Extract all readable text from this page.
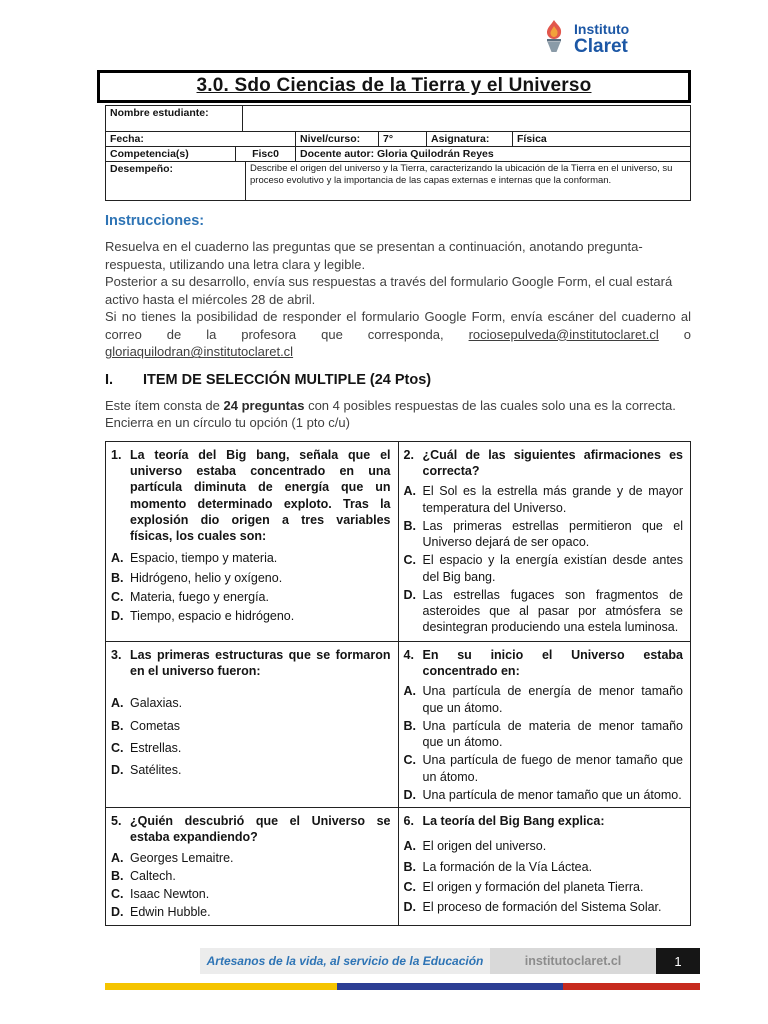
Instituto
Claret
3.0. Sdo Ciencias de la Tierra y el Universo
Nombre estudiante:
Fecha:	Nivel/curso:	7°	Asignatura:	Física
Competencia(s)	Fisc0	Docente autor: Gloria Quilodrán Reyes
Desempeño:	Describe el origen del universo y la Tierra, caracterizando la ubicación de la Tierra en el universo, su proceso evolutivo y la importancia de las capas externas e internas que la conforman.
Instrucciones:

Resuelva en el cuaderno las preguntas que se presentan a continuación, anotando pregunta- respuesta, utilizando una letra clara y legible.

Posterior a su desarrollo, envía sus respuestas a través del formulario Google Form, el cual estará activo hasta el miércoles 28 de abril.

Si no tienes la posibilidad de responder el formulario Google Form, envía escáner del cuaderno al correo de la profesora que corresponda, rociosepulveda@institutoclaret.cl o gloriaquilodran@institutoclaret.cl

I. ITEM DE SELECCIÓN MULTIPLE (24 Ptos)

Este ítem consta de 24 preguntas con 4 posibles respuestas de las cuales solo una es la correcta. Encierra en un círculo tu opción (1 pto c/u)

1. La teoría del Big bang, señala que el universo estaba concentrado en una partícula diminuta de energía que un momento determinado exploto. Tras la explosión dio origen a tres variables físicas, los cuales son:
A. Espacio, tiempo y materia.
B. Hidrógeno, helio y oxígeno.
C. Materia, fuego y energía.
D. Tiempo, espacio e hidrógeno.

2. ¿Cuál de las siguientes afirmaciones es correcta?
A. El Sol es la estrella más grande y de mayor temperatura del Universo.
B. Las primeras estrellas permitieron que el Universo dejará de ser opaco.
C. El espacio y la energía existían desde antes del Big bang.
D. Las estrellas fugaces son fragmentos de asteroides que al pasar por atmósfera se desintegran produciendo una estela luminosa.

3. Las primeras estructuras que se formaron en el universo fueron:
A. Galaxias.
B. Cometas
C. Estrellas.
D. Satélites.

4. En su inicio el Universo estaba concentrado en:
A. Una partícula de energía de menor tamaño que un átomo.
B. Una partícula de materia de menor tamaño que un átomo.
C. Una partícula de fuego de menor tamaño que un átomo.
D. Una partícula de menor tamaño que un átomo.

5. ¿Quién descubrió que el Universo se estaba expandiendo?
A. Georges Lemaitre.
B. Caltech.
C. Isaac Newton.
D. Edwin Hubble.

6. La teoría del Big Bang explica:
A. El origen del universo.
B. La formación de la Vía Láctea.
C. El origen y formación del planeta Tierra.
D. El proceso de formación del Sistema Solar.
Artesanos de la vida, al servicio de la Educación	institutoclaret.cl	1
